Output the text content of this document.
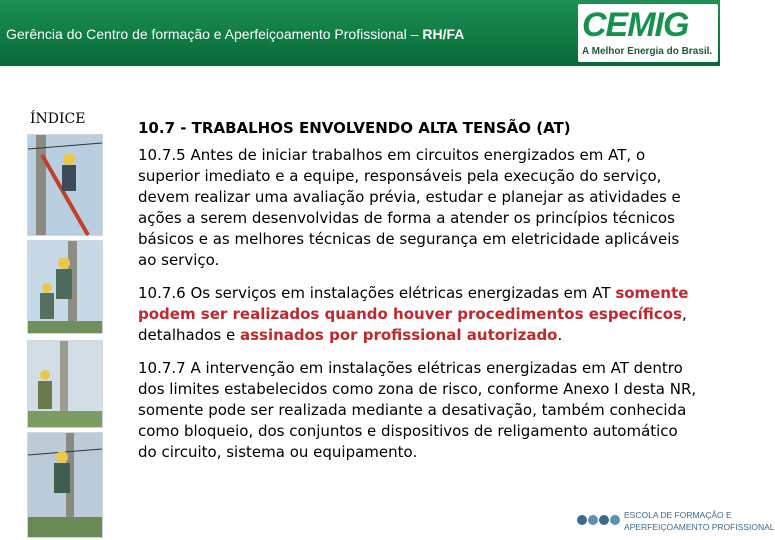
Gerência do Centro de formação e Aperfeiçoamento Profissional – RH/FA	CEMIG
A Melhor Energia do Brasil.
ÍNDICE	10.7 - TRABALHOS ENVOLVENDO ALTA TENSÃO (AT)
10.7.5 Antes de iniciar trabalhos em circuitos energizados em AT, o superior imediato e a equipe, responsáveis pela execução do serviço, devem realizar uma avaliação prévia, estudar e planejar as atividades e ações a serem desenvolvidas de forma a atender os princípios técnicos básicos e as melhores técnicas de segurança em eletricidade aplicáveis ao serviço.
10.7.6 Os serviços em instalações elétricas energizadas em AT somente podem ser realizados quando houver procedimentos específicos, detalhados e assinados por profissional autorizado.
10.7.7 A intervenção em instalações elétricas energizadas em AT dentro dos limites estabelecidos como zona de risco, conforme Anexo I desta NR, somente pode ser realizada mediante a desativação, também conhecida como bloqueio, dos conjuntos e dispositivos de religamento automático do circuito, sistema ou equipamento.
ESCOLA DE FORMAÇÃO E
APERFEIÇOAMENTO PROFISSIONAL
